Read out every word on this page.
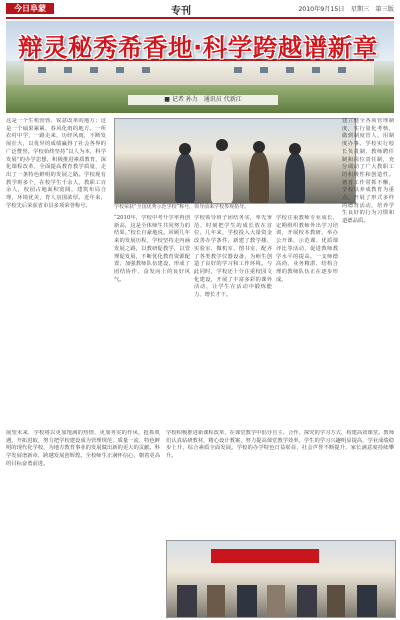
今日阜蒙	专刊	2010年9月15日　星期三　第三版
辩灵秘秀希香地·科学跨越谱新章
■ 记者 孙力　通讯员 代新江
这是一个生机勃勃、锐意改革的地方；这是一个硕果累累、春风化雨的地方。一所农村中学，一路走来，历经风雨，不断发展壮大，以优异的成绩赢得了社会各界的广泛赞誉。学校始终坚持“以人为本，科学发展”的办学思想，积极推进素质教育，深化课程改革，全面提高教育教学质量，走出了一条特色鲜明的发展之路。学校现有教学班多个，在校学生千余人，教职工百余人，校园占地面积宽阔，建筑布局合理，环境优美，育人氛围浓厚。近年来，学校先后荣获省市县多项荣誉称号。	学校荣获“全国优秀示范学校”称号，领导前来学校参观指导。
“2010年，学校中考升学率再创新高，这是全体师生共同努力的结果。”校长自豪地说。回顾几年来的发展历程，学校坚持走内涵发展之路，以教研促教学，以管理促发展，不断优化教育资源配置，加强教师队伍建设，形成了团结协作、奋发向上的良好风气。
学校领导班子团结务实，率先垂范，时刻把学生的成长放在首位。几年来，学校投入大量资金改善办学条件，新建了教学楼、实验室、微机室、图书室，配齐了各类教学仪器设备，为师生创造了良好的学习和工作环境。与此同时，学校还十分注重校园文化建设，开展了丰富多彩的课外活动，让学生在活动中锻炼能力、增长才干。
学校注重教师专业成长，定期组织教师外出学习培训，开展校本教研，举办公开课、示范课、优质课评比等活动，促进教师教学水平的提高。一支师德高尚、业务精湛、结构合理的教师队伍正在逐步形成。
建立健全各项管理制度，实行量化考核，做到制度管人、用制度办事。学校实行校长负责制、教师聘任制和岗位责任制，充分调动了广大教职工的积极性和创造性。德育工作常抓不懈，学校以养成教育为重点，开展了形式多样的德育活动，培养学生良好的行为习惯和道德品质。
展望未来，学校将以更加饱满的热情、更加务实的作风，抢抓机遇，开拓进取，努力把学校建设成为管理规范、质量一流、特色鲜明的现代化学校，为地方教育事业的发展做出新的更大的贡献。科学发展谱新章，跨越发展创辉煌。全校师生正满怀信心，朝着更高的目标奋勇前进。
学校积极推进新课程改革，在课堂教学中倡导自主、合作、探究的学习方式，构建高效课堂。教师们认真钻研教材，精心设计教案，努力提高课堂教学效率。学生的学习兴趣明显提高，学业成绩稳步上升，综合素质全面发展。学校的办学特色日益彰显，社会声誉不断提升，家长满意度持续攀升。
